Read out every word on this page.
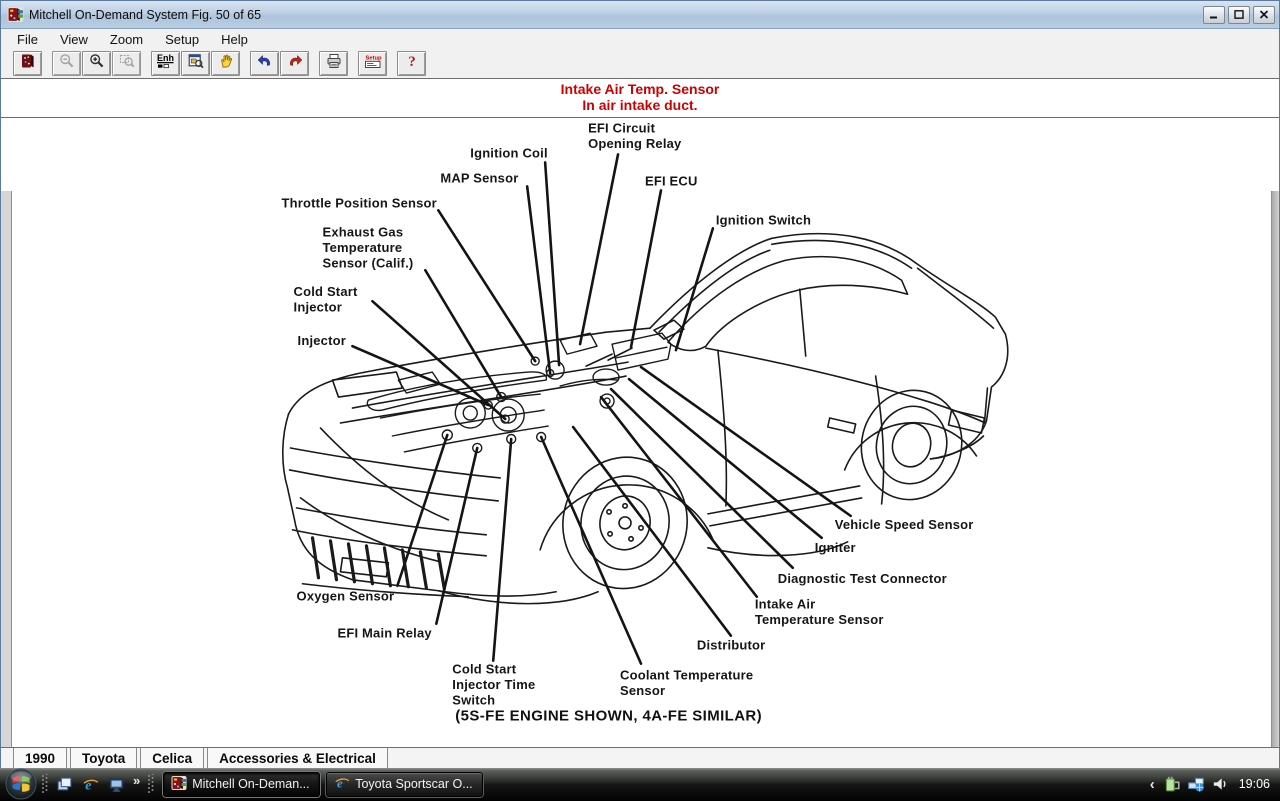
Mitchell On-Demand System Fig. 50 of 65
File	View	Zoom	Setup	Help
Enh	Setup ?
Intake Air Temp. Sensor
In air intake duct.
EFI Circuit Opening Relay
Ignition Coil
MAP Sensor	EFI ECU
Throttle Position Sensor
Ignition Switch
Exhaust Gas Temperature Sensor (Calif.)
Cold Start Injector
Injector
Oxygen Sensor
EFI Main Relay
Cold Start Injector Time Switch
Coolant Temperature Sensor
Distributor
Intake Air Temperature Sensor
Diagnostic Test Connector
Igniter
Vehicle Speed Sensor
(5S-FE ENGINE SHOWN, 4A-FE SIMILAR)
1990	Toyota	Celica	Accessories & Electrical
e	»	Mitchell On-Deman... e Toyota Sportscar O...	‹	19:06
